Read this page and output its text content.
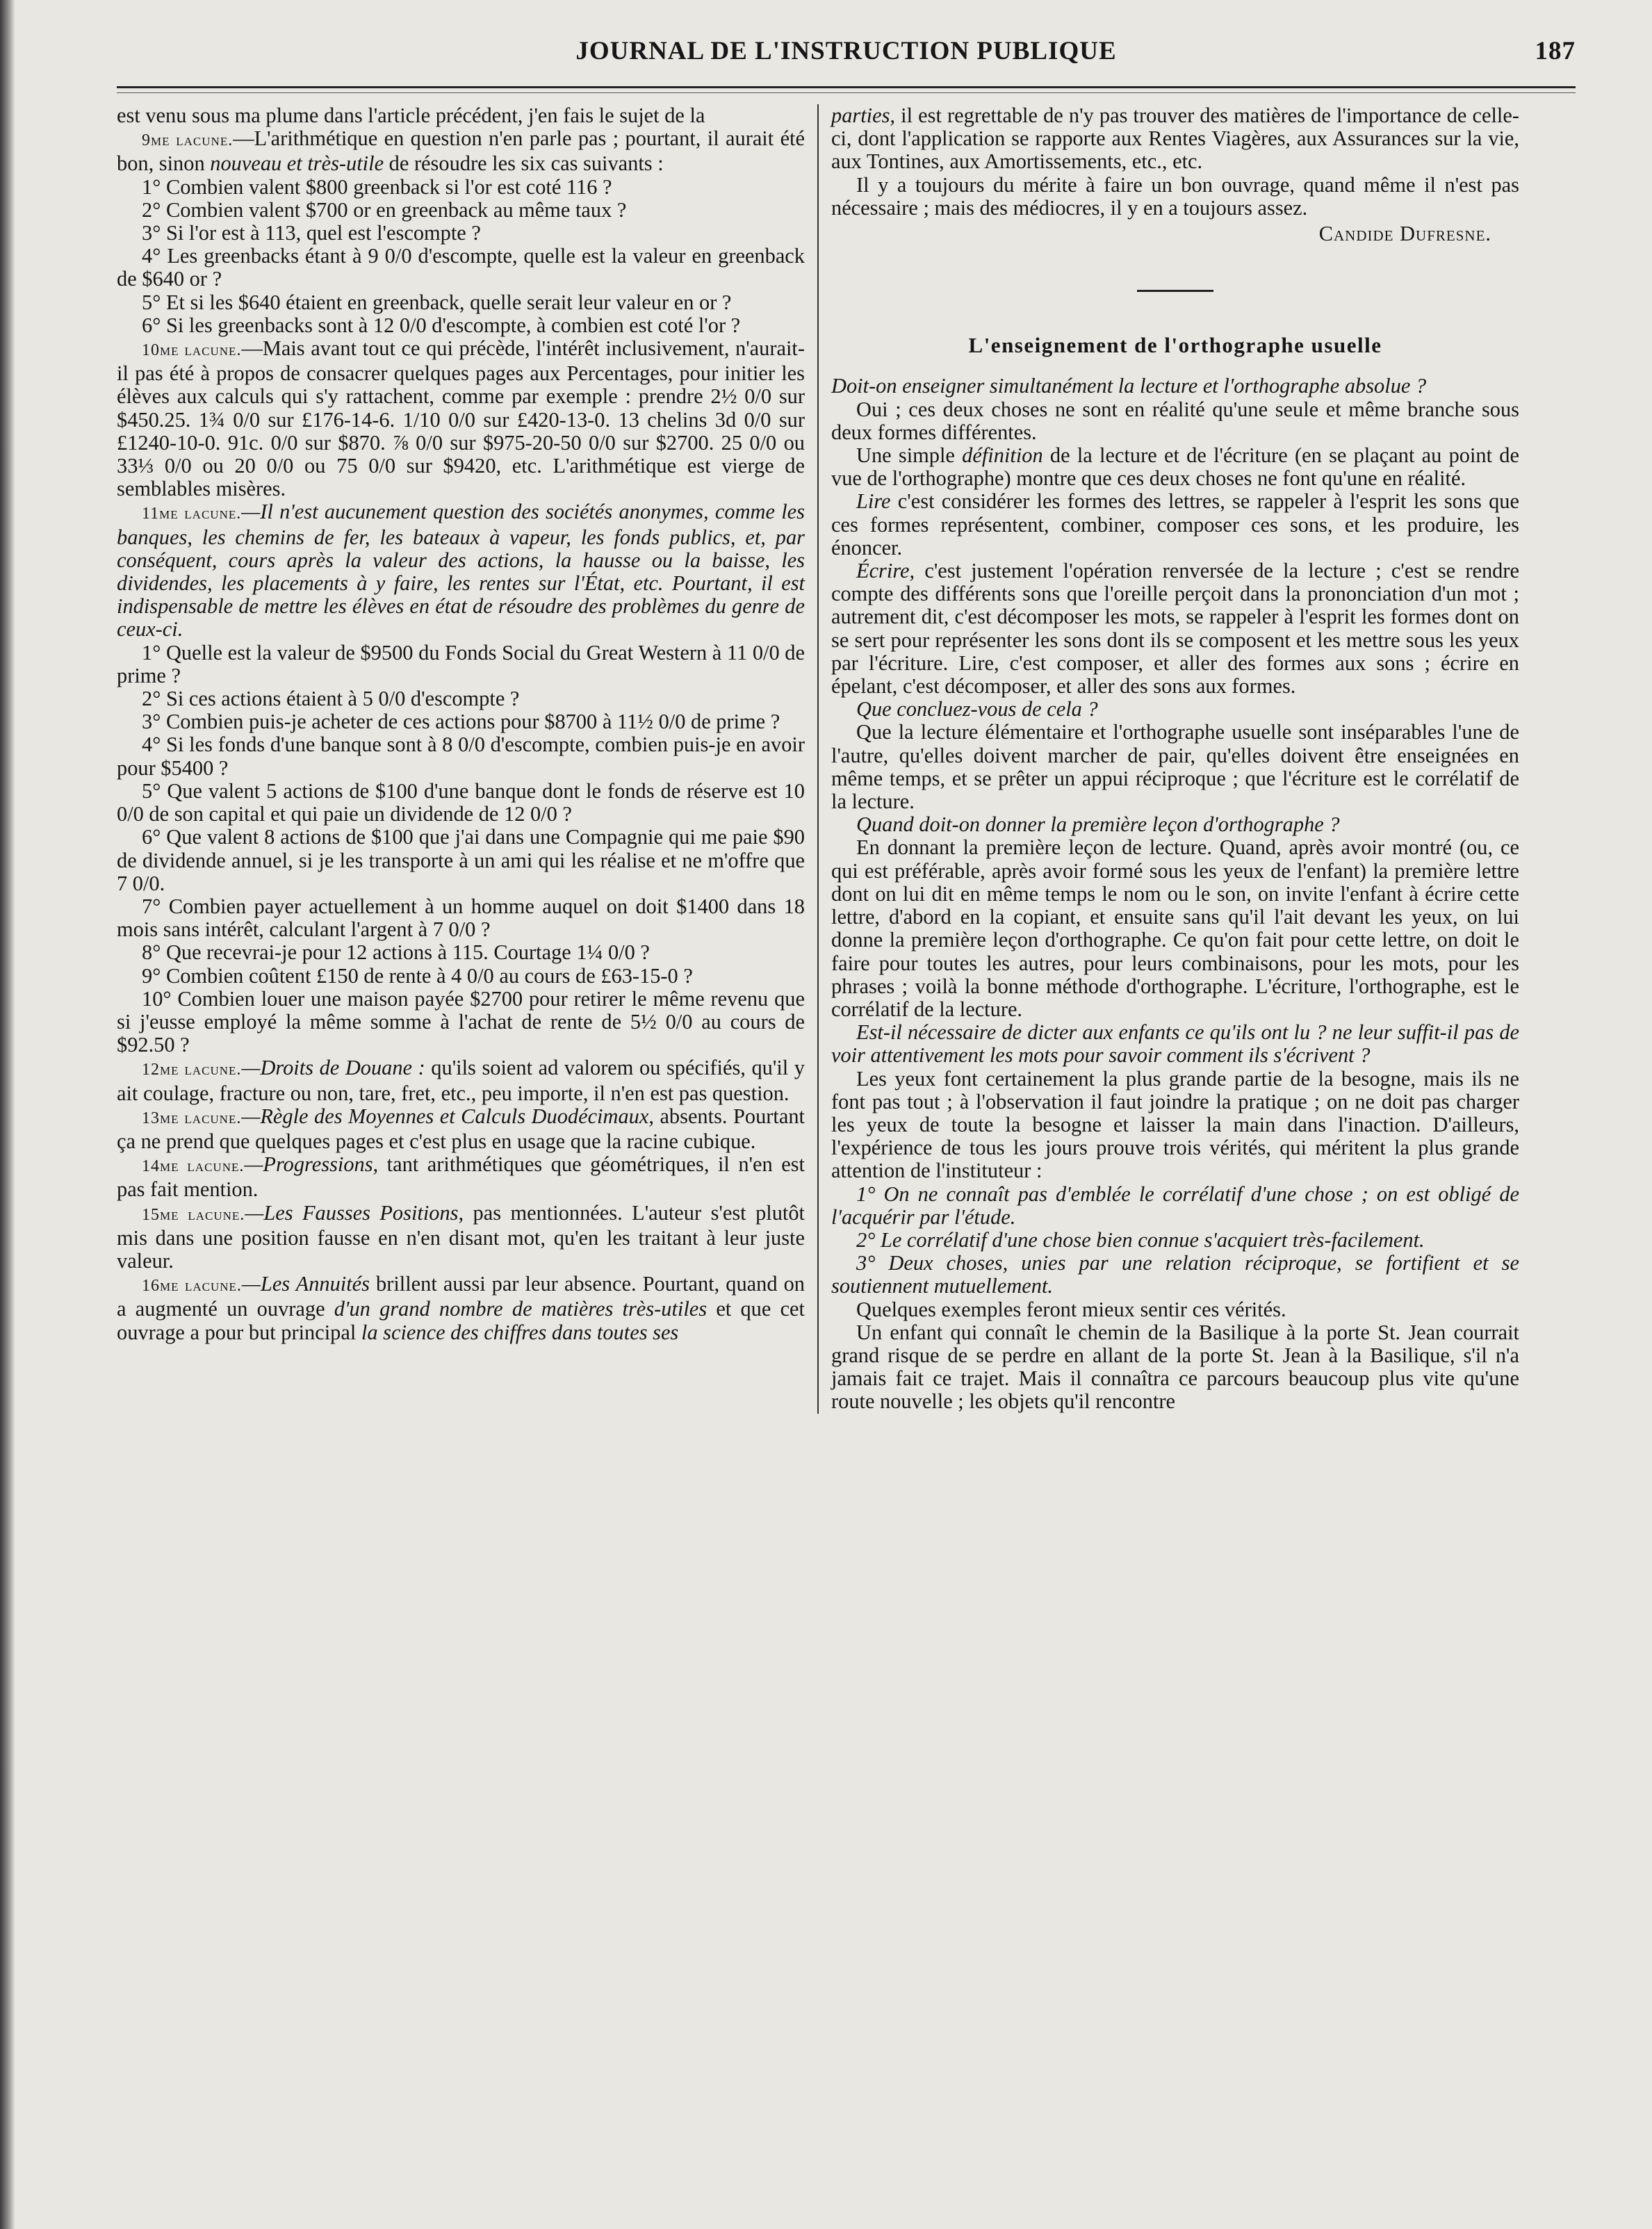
JOURNAL DE L'INSTRUCTION PUBLIQUE	187

est venu sous ma plume dans l'article précédent, j'en fais le sujet de la

9me lacune.—L'arithmétique en question n'en parle pas ; pourtant, il aurait été bon, sinon nouveau et très-utile de résoudre les six cas suivants :

1° Combien valent $800 greenback si l'or est coté 116 ?

2° Combien valent $700 or en greenback au même taux ?

3° Si l'or est à 113, quel est l'escompte ?

4° Les greenbacks étant à 9 0/0 d'escompte, quelle est la valeur en greenback de $640 or ?

5° Et si les $640 étaient en greenback, quelle serait leur valeur en or ?

6° Si les greenbacks sont à 12 0/0 d'escompte, à combien est coté l'or ?

10me lacune.—Mais avant tout ce qui précède, l'intérêt inclusivement, n'aurait-il pas été à propos de consacrer quelques pages aux Percentages, pour initier les élèves aux calculs qui s'y rattachent, comme par exemple : prendre 2½ 0/0 sur $450.25. 1¾ 0/0 sur £176-14-6. 1/10 0/0 sur £420-13-0. 13 chelins 3d 0/0 sur £1240-10-0. 91c. 0/0 sur $870. ⅞ 0/0 sur $975-20-50 0/0 sur $2700. 25 0/0 ou 33⅓ 0/0 ou 20 0/0 ou 75 0/0 sur $9420, etc. L'arithmétique est vierge de semblables misères.

11me lacune.—Il n'est aucunement question des sociétés anonymes, comme les banques, les chemins de fer, les bateaux à vapeur, les fonds publics, et, par conséquent, cours après la valeur des actions, la hausse ou la baisse, les dividendes, les placements à y faire, les rentes sur l'État, etc. Pourtant, il est indispensable de mettre les élèves en état de résoudre des problèmes du genre de ceux-ci.

1° Quelle est la valeur de $9500 du Fonds Social du Great Western à 11 0/0 de prime ?

2° Si ces actions étaient à 5 0/0 d'escompte ?

3° Combien puis-je acheter de ces actions pour $8700 à 11½ 0/0 de prime ?

4° Si les fonds d'une banque sont à 8 0/0 d'escompte, combien puis-je en avoir pour $5400 ?

5° Que valent 5 actions de $100 d'une banque dont le fonds de réserve est 10 0/0 de son capital et qui paie un dividende de 12 0/0 ?

6° Que valent 8 actions de $100 que j'ai dans une Compagnie qui me paie $90 de dividende annuel, si je les transporte à un ami qui les réalise et ne m'offre que 7 0/0.

7° Combien payer actuellement à un homme auquel on doit $1400 dans 18 mois sans intérêt, calculant l'argent à 7 0/0 ?

8° Que recevrai-je pour 12 actions à 115. Courtage 1¼ 0/0 ?

9° Combien coûtent £150 de rente à 4 0/0 au cours de £63-15-0 ?

10° Combien louer une maison payée $2700 pour retirer le même revenu que si j'eusse employé la même somme à l'achat de rente de 5½ 0/0 au cours de $92.50 ?

12me lacune.—Droits de Douane : qu'ils soient ad valorem ou spécifiés, qu'il y ait coulage, fracture ou non, tare, fret, etc., peu importe, il n'en est pas question.

13me lacune.—Règle des Moyennes et Calculs Duodécimaux, absents. Pourtant ça ne prend que quelques pages et c'est plus en usage que la racine cubique.

14me lacune.—Progressions, tant arithmétiques que géométriques, il n'en est pas fait mention.

15me lacune.—Les Fausses Positions, pas mentionnées. L'auteur s'est plutôt mis dans une position fausse en n'en disant mot, qu'en les traitant à leur juste valeur.

16me lacune.—Les Annuités brillent aussi par leur absence. Pourtant, quand on a augmenté un ouvrage d'un grand nombre de matières très-utiles et que cet ouvrage a pour but principal la science des chiffres dans toutes ses

parties, il est regrettable de n'y pas trouver des matières de l'importance de celle-ci, dont l'application se rapporte aux Rentes Viagères, aux Assurances sur la vie, aux Tontines, aux Amortissements, etc., etc.

Il y a toujours du mérite à faire un bon ouvrage, quand même il n'est pas nécessaire ; mais des médiocres, il y en a toujours assez.

Candide Dufresne.
L'enseignement de l'orthographe usuelle

Doit-on enseigner simultanément la lecture et l'orthographe absolue ?

Oui ; ces deux choses ne sont en réalité qu'une seule et même branche sous deux formes différentes.

Une simple définition de la lecture et de l'écriture (en se plaçant au point de vue de l'orthographe) montre que ces deux choses ne font qu'une en réalité.

Lire c'est considérer les formes des lettres, se rappeler à l'esprit les sons que ces formes représentent, combiner, composer ces sons, et les produire, les énoncer.

Écrire, c'est justement l'opération renversée de la lecture ; c'est se rendre compte des différents sons que l'oreille perçoit dans la prononciation d'un mot ; autrement dit, c'est décomposer les mots, se rappeler à l'esprit les formes dont on se sert pour représenter les sons dont ils se composent et les mettre sous les yeux par l'écriture. Lire, c'est composer, et aller des formes aux sons ; écrire en épelant, c'est décomposer, et aller des sons aux formes.

Que concluez-vous de cela ?

Que la lecture élémentaire et l'orthographe usuelle sont inséparables l'une de l'autre, qu'elles doivent marcher de pair, qu'elles doivent être enseignées en même temps, et se prêter un appui réciproque ; que l'écriture est le corrélatif de la lecture.

Quand doit-on donner la première leçon d'orthographe ?

En donnant la première leçon de lecture. Quand, après avoir montré (ou, ce qui est préférable, après avoir formé sous les yeux de l'enfant) la première lettre dont on lui dit en même temps le nom ou le son, on invite l'enfant à écrire cette lettre, d'abord en la copiant, et ensuite sans qu'il l'ait devant les yeux, on lui donne la première leçon d'orthographe. Ce qu'on fait pour cette lettre, on doit le faire pour toutes les autres, pour leurs combinaisons, pour les mots, pour les phrases ; voilà la bonne méthode d'orthographe. L'écriture, l'orthographe, est le corrélatif de la lecture.

Est-il nécessaire de dicter aux enfants ce qu'ils ont lu ? ne leur suffit-il pas de voir attentivement les mots pour savoir comment ils s'écrivent ?

Les yeux font certainement la plus grande partie de la besogne, mais ils ne font pas tout ; à l'observation il faut joindre la pratique ; on ne doit pas charger les yeux de toute la besogne et laisser la main dans l'inaction. D'ailleurs, l'expérience de tous les jours prouve trois vérités, qui méritent la plus grande attention de l'instituteur :

1° On ne connaît pas d'emblée le corrélatif d'une chose ; on est obligé de l'acquérir par l'étude.

2° Le corrélatif d'une chose bien connue s'acquiert très-facilement.

3° Deux choses, unies par une relation réciproque, se fortifient et se soutiennent mutuellement.

Quelques exemples feront mieux sentir ces vérités.

Un enfant qui connaît le chemin de la Basilique à la porte St. Jean courrait grand risque de se perdre en allant de la porte St. Jean à la Basilique, s'il n'a jamais fait ce trajet. Mais il connaîtra ce parcours beaucoup plus vite qu'une route nouvelle ; les objets qu'il rencontre
